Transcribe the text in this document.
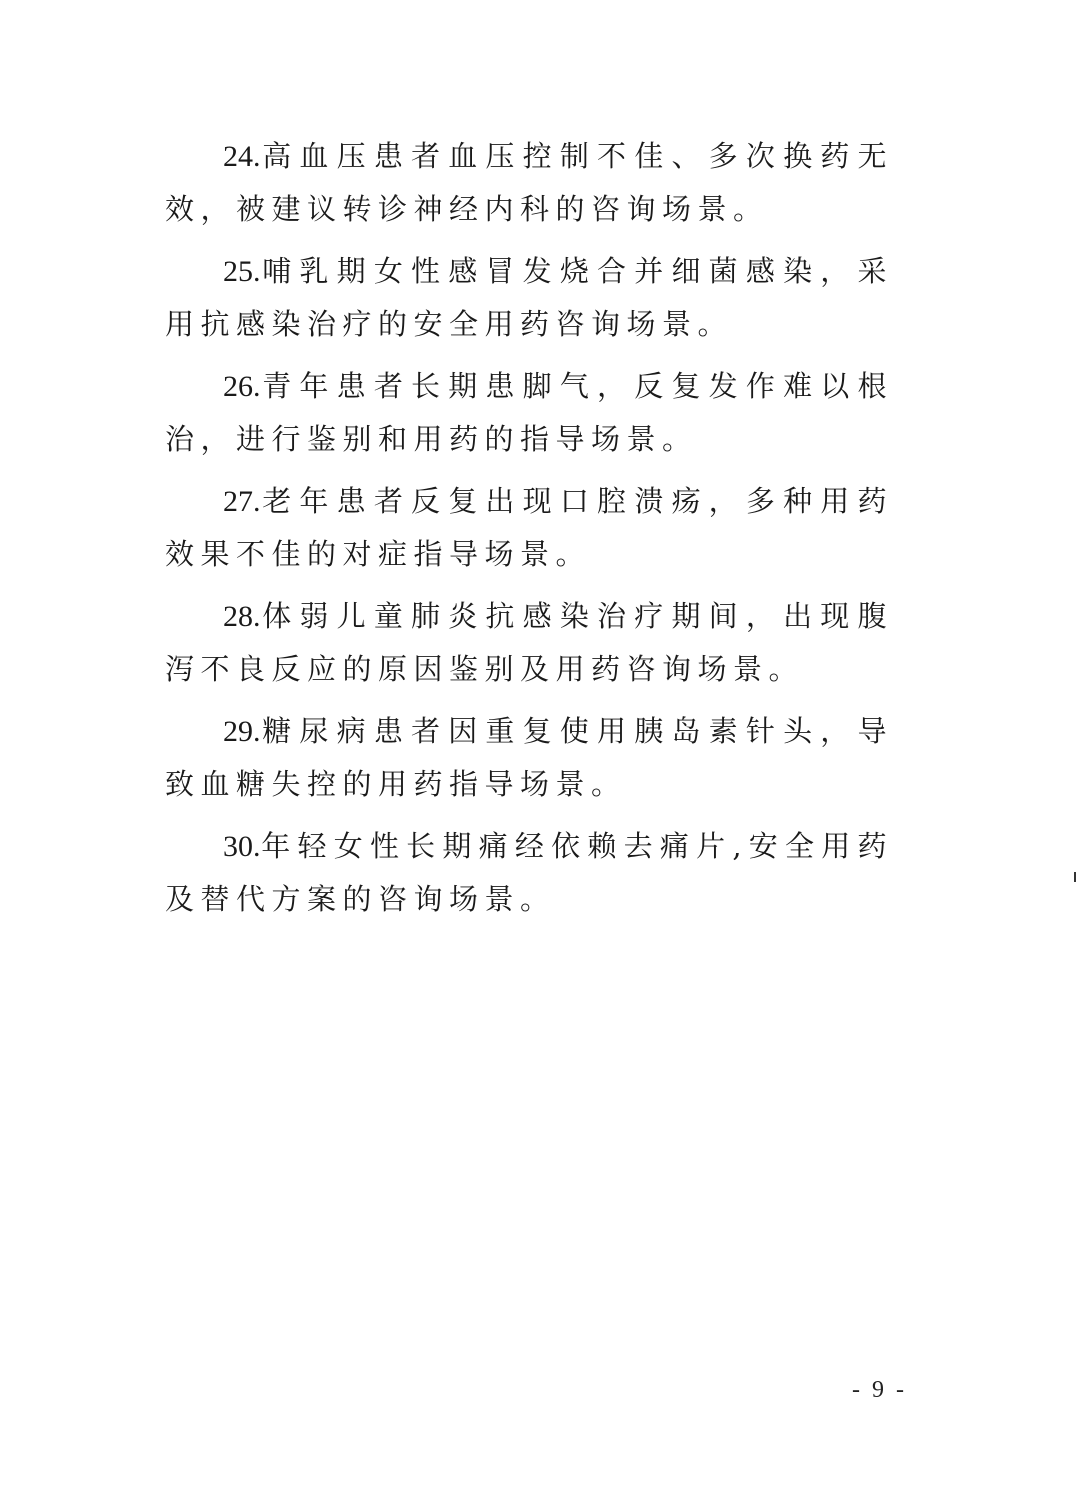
24.高血压患者血压控制不佳、多次换药无效，被建议转诊神经内科的咨询场景。

25.哺乳期女性感冒发烧合并细菌感染，采用抗感染治疗的安全用药咨询场景。

26.青年患者长期患脚气，反复发作难以根治，进行鉴别和用药的指导场景。

27.老年患者反复出现口腔溃疡，多种用药效果不佳的对症指导场景。

28.体弱儿童肺炎抗感染治疗期间，出现腹泻不良反应的原因鉴别及用药咨询场景。

29.糖尿病患者因重复使用胰岛素针头，导致血糖失控的用药指导场景。

30.年轻女性长期痛经依赖去痛片,安全用药及替代方案的咨询场景。

- 9 -
